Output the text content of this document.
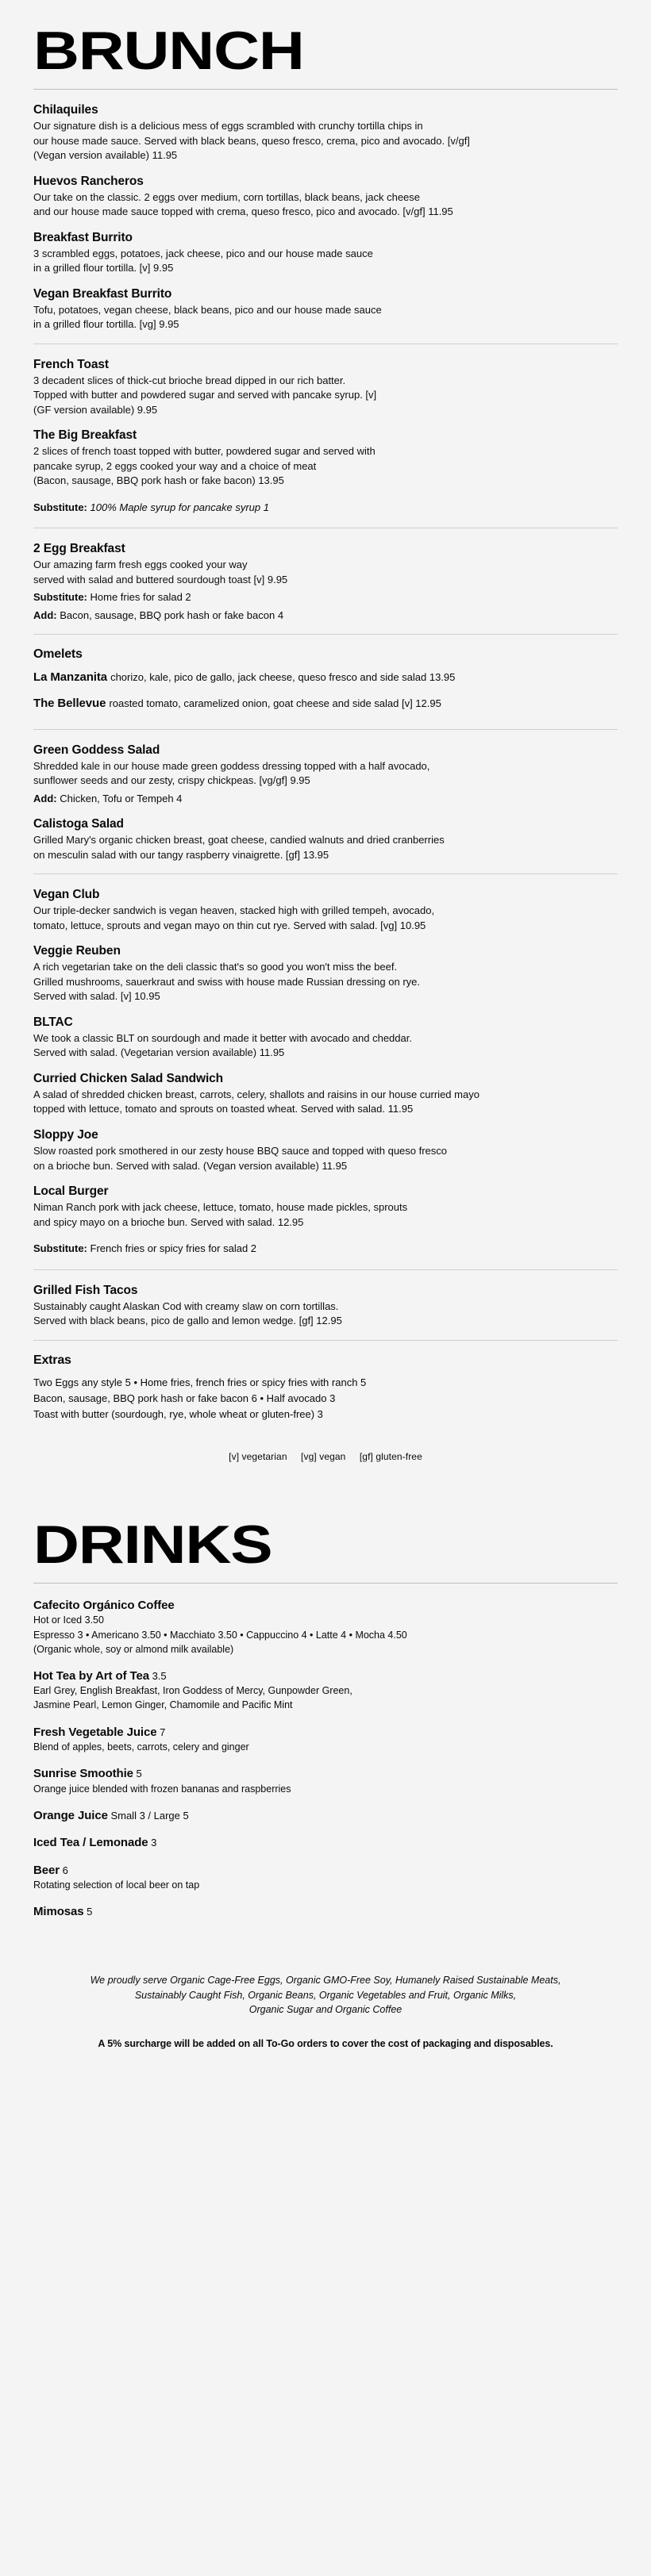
BRUNCH
Chilaquiles
Our signature dish is a delicious mess of eggs scrambled with crunchy tortilla chips in
our house made sauce. Served with black beans, queso fresco, crema, pico and avocado. [v/gf]
(Vegan version available) 11.95
Huevos Rancheros
Our take on the classic. 2 eggs over medium, corn tortillas, black beans, jack cheese
and our house made sauce topped with crema, queso fresco, pico and avocado. [v/gf] 11.95
Breakfast Burrito
3 scrambled eggs, potatoes, jack cheese, pico and our house made sauce
in a grilled flour tortilla. [v] 9.95
Vegan Breakfast Burrito
Tofu, potatoes, vegan cheese, black beans, pico and our house made sauce
in a grilled flour tortilla. [vg] 9.95
French Toast
3 decadent slices of thick-cut brioche bread dipped in our rich batter.
Topped with butter and powdered sugar and served with pancake syrup. [v]
(GF version available) 9.95
The Big Breakfast
2 slices of french toast topped with butter, powdered sugar and served with
pancake syrup, 2 eggs cooked your way and a choice of meat
(Bacon, sausage, BBQ pork hash or fake bacon) 13.95
Substitute: 100% Maple syrup for pancake syrup 1
2 Egg Breakfast
Our amazing farm fresh eggs cooked your way
served with salad and buttered sourdough toast [v] 9.95
Substitute: Home fries for salad 2
Add: Bacon, sausage, BBQ pork hash or fake bacon 4
Omelets
La Manzanita chorizo, kale, pico de gallo, jack cheese, queso fresco and side salad 13.95
The Bellevue roasted tomato, caramelized onion, goat cheese and side salad [v] 12.95
Green Goddess Salad
Shredded kale in our house made green goddess dressing topped with a half avocado,
sunflower seeds and our zesty, crispy chickpeas. [vg/gf] 9.95
Add: Chicken, Tofu or Tempeh 4
Calistoga Salad
Grilled Mary's organic chicken breast, goat cheese, candied walnuts and dried cranberries
on mesculin salad with our tangy raspberry vinaigrette. [gf] 13.95
Vegan Club
Our triple-decker sandwich is vegan heaven, stacked high with grilled tempeh, avocado,
tomato, lettuce, sprouts and vegan mayo on thin cut rye. Served with salad. [vg] 10.95
Veggie Reuben
A rich vegetarian take on the deli classic that's so good you won't miss the beef.
Grilled mushrooms, sauerkraut and swiss with house made Russian dressing on rye.
Served with salad. [v] 10.95
BLTAC
We took a classic BLT on sourdough and made it better with avocado and cheddar.
Served with salad. (Vegetarian version available) 11.95
Curried Chicken Salad Sandwich
A salad of shredded chicken breast, carrots, celery, shallots and raisins in our house curried mayo
topped with lettuce, tomato and sprouts on toasted wheat. Served with salad. 11.95
Sloppy Joe
Slow roasted pork smothered in our zesty house BBQ sauce and topped with queso fresco
on a brioche bun. Served with salad. (Vegan version available) 11.95
Local Burger
Niman Ranch pork with jack cheese, lettuce, tomato, house made pickles, sprouts
and spicy mayo on a brioche bun. Served with salad. 12.95
Substitute: French fries or spicy fries for salad 2
Grilled Fish Tacos
Sustainably caught Alaskan Cod with creamy slaw on corn tortillas.
Served with black beans, pico de gallo and lemon wedge. [gf] 12.95
Extras
Two Eggs any style 5 • Home fries, french fries or spicy fries with ranch 5
Bacon, sausage, BBQ pork hash or fake bacon 6 • Half avocado 3
Toast with butter (sourdough, rye, whole wheat or gluten-free) 3
[v] vegetarian [vg] vegan [gf] gluten-free
DRINKS
Cafecito Orgánico Coffee
Hot or Iced 3.50
Espresso 3 • Americano 3.50 • Macchiato 3.50 • Cappuccino 4 • Latte 4 • Mocha 4.50
(Organic whole, soy or almond milk available)
Hot Tea by Art of Tea 3.5
Earl Grey, English Breakfast, Iron Goddess of Mercy, Gunpowder Green,
Jasmine Pearl, Lemon Ginger, Chamomile and Pacific Mint
Fresh Vegetable Juice 7
Blend of apples, beets, carrots, celery and ginger
Sunrise Smoothie 5
Orange juice blended with frozen bananas and raspberries
Orange Juice Small 3 / Large 5
Iced Tea / Lemonade 3
Beer 6
Rotating selection of local beer on tap
Mimosas 5
We proudly serve Organic Cage-Free Eggs, Organic GMO-Free Soy, Humanely Raised Sustainable Meats,
Sustainably Caught Fish, Organic Beans, Organic Vegetables and Fruit, Organic Milks,
Organic Sugar and Organic Coffee
A 5% surcharge will be added on all To-Go orders to cover the cost of packaging and disposables.
